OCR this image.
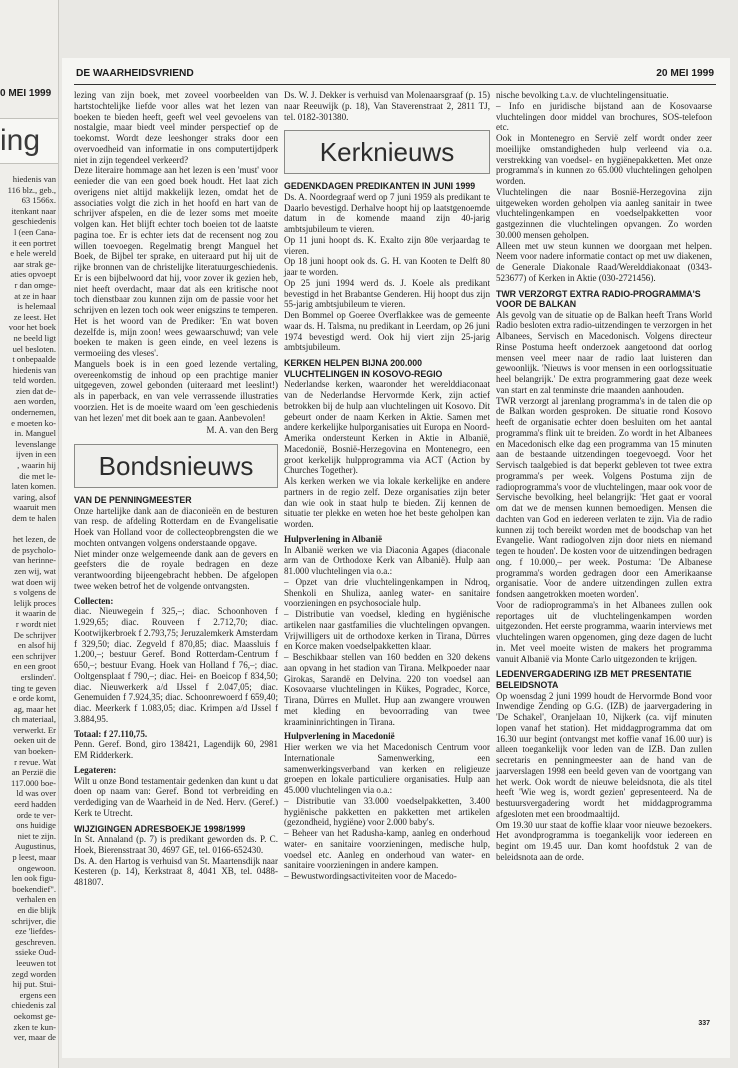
0 MEI 1999
ing
hiedenis van
116 blz., geb.,
63 1566x.
itenkant naar
geschiedenis
l (een Cana-
it een portret
e hele wereld
aar strak ge-
aties opvoept
r dan omge-
at ze in haar
is helemaal
ze leest. Het
voor het boek
ne beeld ligt
uel besloten.
t onbepaalde
hiedenis van
teld worden.
zien dat de-
aen worden,
ondernemen,
e moeten ko-
in. Manguel
levenslange
ijven in een
, waarin hij
die met le-
laten komen.
varing, alsof
waaruit men
dem te halen

het lezen, de
de psycholo-
van herinne-
zen wij, wat
wat doen wij
s volgens de
lelijk proces
it waarin de
r wordt niet
De schrijver
en alsof hij
een schrijver
en een groot
erslinden'.
ting te geven
e orde komt,
ag, maar het
ch materiaal,
verwerkt. Er
oeken uit de
van boeken-
r revue. Wat
an Perzië die
117.000 boe-
ld was over
eerd hadden
orde te ver-
ons huidige
niet te zijn.
Augustinus,
p leest, maar
ongewoon.
len ook figu-
boekendief".
verhalen en
en die blijk
schrijver, die
eze 'liefdes-
geschreven.
ssieke Oud-
leeuwen tot
zegd worden
hij put. Stui-
ergens een
chiedenis zal
oekomst ge-
zken te kun-
ver, maar de
DE WAARHEIDSVRIEND	20 MEI 1999

lezing van zijn boek, met zoveel voorbeelden van hartstochtelijke liefde voor alles wat het lezen van boeken te bieden heeft, geeft wel veel gevoelens van nostalgie, maar biedt veel minder perspectief op de toekomst. Wordt deze leeshonger straks door een overvoedheid van informatie in ons computertijdperk niet in zijn tegendeel verkeerd?

Deze literaire hommage aan het lezen is een 'must' voor eenieder die van een goed boek houdt. Het laat zich overigens niet altijd makkelijk lezen, omdat het de associaties volgt die zich in het hoofd en hart van de schrijver afspelen, en die de lezer soms met moeite volgen kan. Het blijft echter toch boeien tot de laatste pagina toe. Er is echter iets dat de recensent nog zou willen toevoegen. Regelmatig brengt Manguel het Boek, de Bijbel ter sprake, en uiteraard put hij uit de rijke bronnen van de christelijke literatuurgeschiedenis. Er is een bijbelwoord dat hij, voor zover ik gezien heb, niet heeft overdacht, maar dat als een kritische noot toch dienstbaar zou kunnen zijn om de passie voor het schrijven en lezen toch ook weer enigszins te temperen. Het is het woord van de Prediker: 'En wat boven dezelfde is, mijn zoon! wees gewaarschuwd; van vele boeken te maken is geen einde, en veel lezens is vermoeiing des vleses'.

Manguels boek is in een goed lezende vertaling, overeenkomstig de inhoud op een prachtige manier uitgegeven, zowel gebonden (uiteraard met leeslint!) als in paperback, en van vele verrassende illustraties voorzien. Het is de moeite waard om 'een geschiedenis van het lezen' met dit boek aan te gaan. Aanbevolen!

M. A. van den Berg

Bondsnieuws

VAN DE PENNINGMEESTER

Onze hartelijke dank aan de diaconieën en de besturen van resp. de afdeling Rotterdam en de Evangelisatie Hoek van Holland voor de collecteopbrengsten die we mochten ontvangen volgens onderstaande opgave.

Niet minder onze welgemeende dank aan de gevers en geefsters die de royale bedragen en deze verantwoording bijeengebracht hebben. De afgelopen twee weken betrof het de volgende ontvangsten.

Collecten:

diac. Nieuwegein f 325,–; diac. Schoonhoven f 1.929,65; diac. Rouveen f 2.712,70; diac. Kootwijkerbroek f 2.793,75; Jeruzalemkerk Amsterdam f 329,50; diac. Zegveld f 870,85; diac. Maassluis f 1.200,–; bestuur Geref. Bond Rotterdam-Centrum f 650,–; bestuur Evang. Hoek van Holland f 76,–; diac. Ooltgensplaat f 790,–; diac. Hei- en Boeicop f 834,50; diac. Nieuwerkerk a/d IJssel f 2.047,05; diac. Genemuiden f 7.924,35; diac. Schoonrewoerd f 659,40; diac. Meerkerk f 1.083,05; diac. Krimpen a/d IJssel f 3.884,95.

Totaal: f 27.110,75.

Penn. Geref. Bond, giro 138421, Lagendijk 60, 2981 EM Ridderkerk.

Legateren:

Wilt u onze Bond testamentair gedenken dan kunt u dat doen op naam van: Geref. Bond tot verbreiding en verdediging van de Waarheid in de Ned. Herv. (Geref.) Kerk te Utrecht.

WIJZIGINGEN ADRESBOEKJE 1998/1999

In St. Annaland (p. 7) is predikant geworden ds. P. C. Hoek, Bierensstraat 30, 4697 GE, tel. 0166-652430.

Ds. A. den Hartog is verhuisd van St. Maartensdijk naar Kesteren (p. 14), Kerkstraat 8, 4041 XB, tel. 0488-481807.

Ds. W. J. Dekker is verhuisd van Molenaarsgraaf (p. 15) naar Reeuwijk (p. 18), Van Staverenstraat 2, 2811 TJ, tel. 0182-301380.

Kerknieuws

GEDENKDAGEN PREDIKANTEN IN JUNI 1999

Ds. A. Noordegraaf werd op 7 juni 1959 als predikant te Daarlo bevestigd. Derhalve hoopt hij op laatstgenoemde datum in de komende maand zijn 40-jarig ambtsjubileum te vieren.

Op 11 juni hoopt ds. K. Exalto zijn 80e verjaardag te vieren.

Op 18 juni hoopt ook ds. G. H. van Kooten te Delft 80 jaar te worden.

Op 25 juni 1994 werd ds. J. Koele als predikant bevestigd in het Brabantse Genderen. Hij hoopt dus zijn 55-jarig ambtsjubileum te vieren.

Den Bommel op Goeree Overflakkee was de gemeente waar ds. H. Talsma, nu predikant in Leerdam, op 26 juni 1974 bevestigd werd. Ook hij viert zijn 25-jarig ambtsjubileum.

KERKEN HELPEN BIJNA 200.000 VLUCHTELINGEN IN KOSOVO-REGIO

Nederlandse kerken, waaronder het werelddiaconaat van de Nederlandse Hervormde Kerk, zijn actief betrokken bij de hulp aan vluchtelingen uit Kosovo. Dit gebeurt onder de naam Kerken in Aktie. Samen met andere kerkelijke hulporganisaties uit Europa en Noord-Amerika ondersteunt Kerken in Aktie in Albanië, Macedonië, Bosnië-Herzegovina en Montenegro, een groot kerkelijk hulpprogramma via ACT (Action by Churches Together).

Als kerken werken we via lokale kerkelijke en andere partners in de regio zelf. Deze organisaties zijn beter dan wie ook in staat hulp te bieden. Zij kennen de situatie ter plekke en weten hoe het beste geholpen kan worden.

Hulpverlening in Albanië

In Albanië werken we via Diaconia Agapes (diaconale arm van de Orthodoxe Kerk van Albanië). Hulp aan 81.000 vluchtelingen via o.a.:

– Opzet van drie vluchtelingenkampen in Ndroq, Shenkoli en Shuliza, aanleg water- en sanitaire voorzieningen en psychosociale hulp.

– Distributie van voedsel, kleding en hygiënische artikelen naar gastfamilies die vluchtelingen opvangen. Vrijwilligers uit de orthodoxe kerken in Tirana, Dürres en Korce maken voedselpakketten klaar.

– Beschikbaar stellen van 160 bedden en 320 dekens aan opvang in het stadion van Tirana. Melkpoeder naar Girokas, Sarandë en Delvina. 220 ton voedsel aan Kosovaarse vluchtelingen in Kükes, Pogradec, Korce, Tirana, Dürres en Mullet. Hup aan zwangere vrouwen met kleding en bevoorrading van twee kraamininrichtingen in Tirana.

Hulpverlening in Macedonië

Hier werken we via het Macedonisch Centrum voor Internationale Samenwerking, een samenwerkingsverband van kerken en religieuze groepen en lokale particuliere organisaties. Hulp aan 45.000 vluchtelingen via o.a.:

– Distributie van 33.000 voedselpakketten, 3.400 hygiënische pakketten en pakketten met artikelen (gezondheid, hygiëne) voor 2.000 baby's.

– Beheer van het Radusha-kamp, aanleg en onderhoud water- en sanitaire voorzieningen, medische hulp, voedsel etc. Aanleg en onderhoud van water- en sanitaire voorzieningen in andere kampen.

– Bewustwordingsactiviteiten voor de Macedo-

nische bevolking t.a.v. de vluchtelingensituatie.

– Info en juridische bijstand aan de Kosovaarse vluchtelingen door middel van brochures, SOS-telefoon etc.

Ook in Montenegro en Servië zelf wordt onder zeer moeilijke omstandigheden hulp verleend via o.a. verstrekking van voedsel- en hygiënepakketten. Met onze programma's in kunnen zo 65.000 vluchtelingen geholpen worden.

Vluchtelingen die naar Bosnië-Herzegovina zijn uitgeweken worden geholpen via aanleg sanitair in twee vluchtelingenkampen en voedselpakketten voor gastgezinnen die vluchtelingen opvangen. Zo worden 30.000 mensen geholpen.

Alleen met uw steun kunnen we doorgaan met helpen. Neem voor nadere informatie contact op met uw diakenen, de Generale Diakonale Raad/Werelddiakonaat (0343-523677) of Kerken in Aktie (030-2721456).

TWR VERZORGT EXTRA RADIO-PROGRAMMA'S VOOR DE BALKAN

Als gevolg van de situatie op de Balkan heeft Trans World Radio besloten extra radio-uitzendingen te verzorgen in het Albanees, Servisch en Macedonisch. Volgens directeur Rinse Postuma heeft onderzoek aangetoond dat oorlog mensen veel meer naar de radio laat luisteren dan gewoonlijk. 'Nieuws is voor mensen in een oorlogssituatie heel belangrijk.' De extra programmering gaat deze week van start en zal tenminste drie maanden aanhouden.

TWR verzorgt al jarenlang programma's in de talen die op de Balkan worden gesproken. De situatie rond Kosovo heeft de organisatie echter doen besluiten om het aantal programma's flink uit te breiden. Zo wordt in het Albanees en Macedonisch elke dag een programma van 15 minuten aan de bestaande uitzendingen toegevoegd. Voor het Servisch taalgebied is dat beperkt gebleven tot twee extra programma's per week. Volgens Postuma zijn de radioprogramma's voor de vluchtelingen, maar ook voor de Servische bevolking, heel belangrijk: 'Het gaat er vooral om dat we de mensen kunnen bemoedigen. Mensen die dachten van God en iedereen verlaten te zijn. Via de radio kunnen zij toch bereikt worden met de boodschap van het Evangelie. Want radiogolven zijn door niets en niemand tegen te houden'. De kosten voor de uitzendingen bedragen ong. f 10.000,– per week. Postuma: 'De Albanese programma's worden gedragen door een Amerikaanse organisatie. Voor de andere uitzendingen zullen extra fondsen aangetrokken moeten worden'.

Voor de radioprogramma's in het Albanees zullen ook reportages uit de vluchtelingenkampen worden uitgezonden. Het eerste programma, waarin interviews met vluchtelingen waren opgenomen, ging deze dagen de lucht in. Met veel moeite wisten de makers het programma vanuit Albanië via Monte Carlo uitgezonden te krijgen.

LEDENVERGADERING IZB MET PRESENTATIE BELEIDSNOTA

Op woensdag 2 juni 1999 houdt de Hervormde Bond voor Inwendige Zending op G.G. (IZB) de jaarvergadering in 'De Schakel', Oranjelaan 10, Nijkerk (ca. vijf minuten lopen vanaf het station). Het middagprogramma dat om 16.30 uur begint (ontvangst met koffie vanaf 16.00 uur) is alleen toegankelijk voor leden van de IZB. Dan zullen secretaris en penningmeester aan de hand van de jaarverslagen 1998 een beeld geven van de voortgang van het werk. Ook wordt de nieuwe beleidsnota, die als titel heeft 'Wie weg is, wordt gezien' gepresenteerd. Na de bestuursvergadering wordt het middagprogramma afgesloten met een broodmaaltijd.

Om 19.30 uur staat de koffie klaar voor nieuwe bezoekers. Het avondprogramma is toegankelijk voor iedereen en begint om 19.45 uur. Dan komt hoofdstuk 2 van de beleidsnota aan de orde.

337
